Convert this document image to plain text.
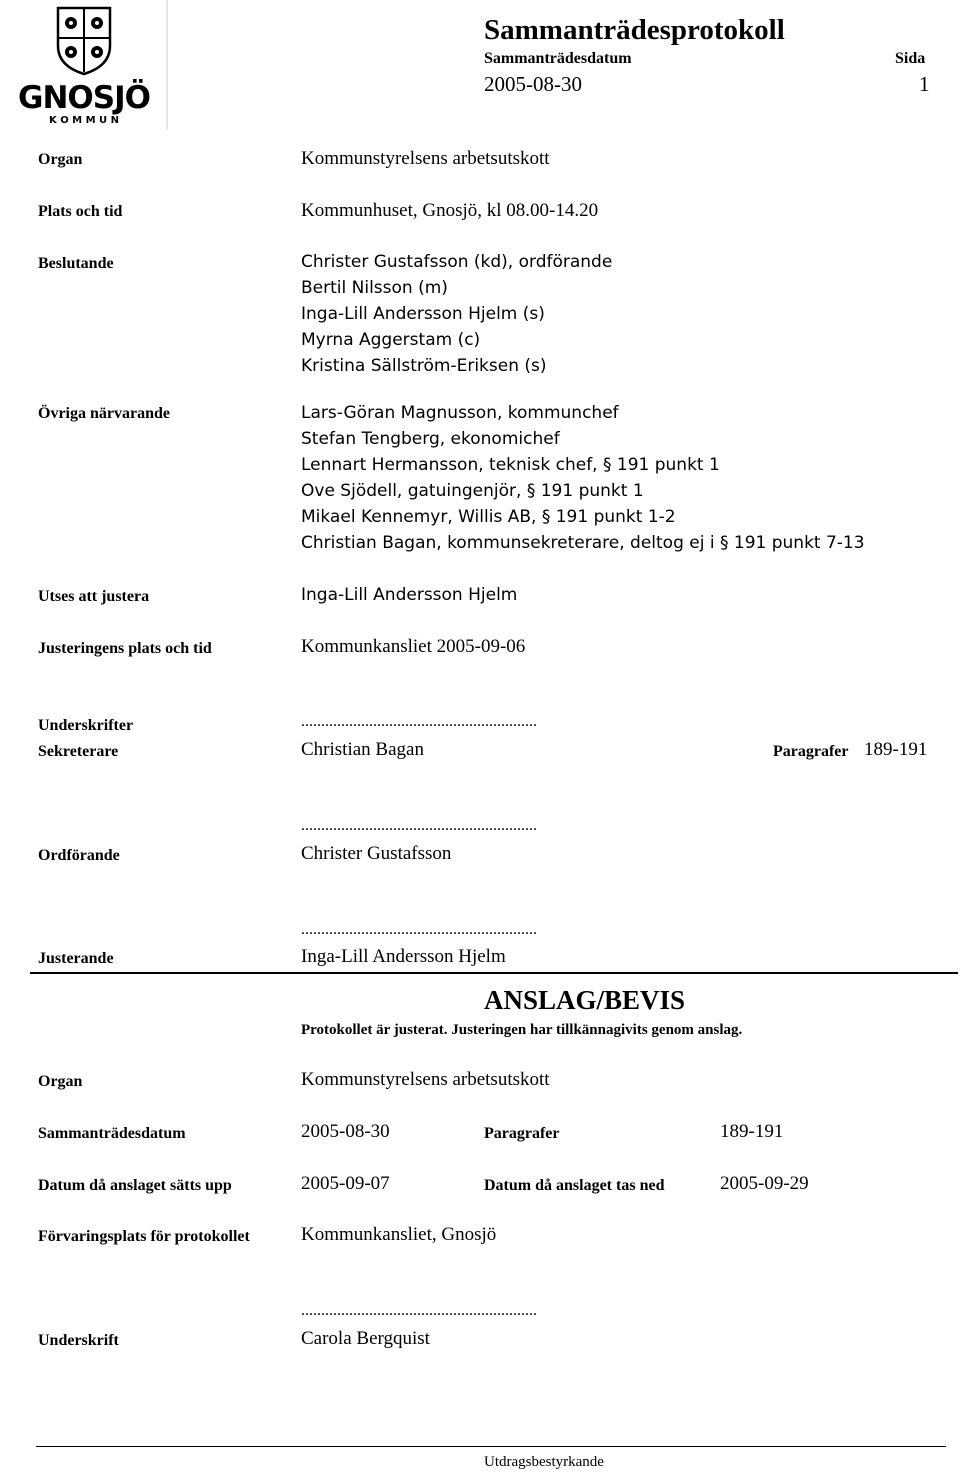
GNOSJÖ
K O M M U N
Sammanträdesprotokoll
Sammanträdesdatum	Sida
2005-08-30	1
Organ	Kommunstyrelsens arbetsutskott
Plats och tid	Kommunhuset, Gnosjö, kl 08.00-14.20
Beslutande	Christer Gustafsson (kd), ordförande
Bertil Nilsson (m)
Inga-Lill Andersson Hjelm (s)
Myrna Aggerstam (c)
Kristina Sällström-Eriksen (s)
Övriga närvarande	Lars-Göran Magnusson, kommunchef
Stefan Tengberg, ekonomichef
Lennart Hermansson, teknisk chef, § 191 punkt 1
Ove Sjödell, gatuingenjör, § 191 punkt 1
Mikael Kennemyr, Willis AB, § 191 punkt 1-2
Christian Bagan, kommunsekreterare, deltog ej i § 191 punkt 7-13
Utses att justera	Inga-Lill Andersson Hjelm
Justeringens plats och tid	Kommunkansliet 2005-09-06
Underskrifter	...........................................................
Sekreterare	Christian Bagan	Paragrafer 189-191
...........................................................
Ordförande	Christer Gustafsson
...........................................................
Justerande	Inga-Lill Andersson Hjelm
ANSLAG/BEVIS
Protokollet är justerat. Justeringen har tillkännagivits genom anslag.
Organ	Kommunstyrelsens arbetsutskott
Sammanträdesdatum	2005-08-30	Paragrafer	189-191
Datum då anslaget sätts upp	2005-09-07	Datum då anslaget tas ned	2005-09-29
Förvaringsplats för protokollet	Kommunkansliet, Gnosjö
...........................................................
Underskrift	Carola Bergquist
Utdragsbestyrkande
